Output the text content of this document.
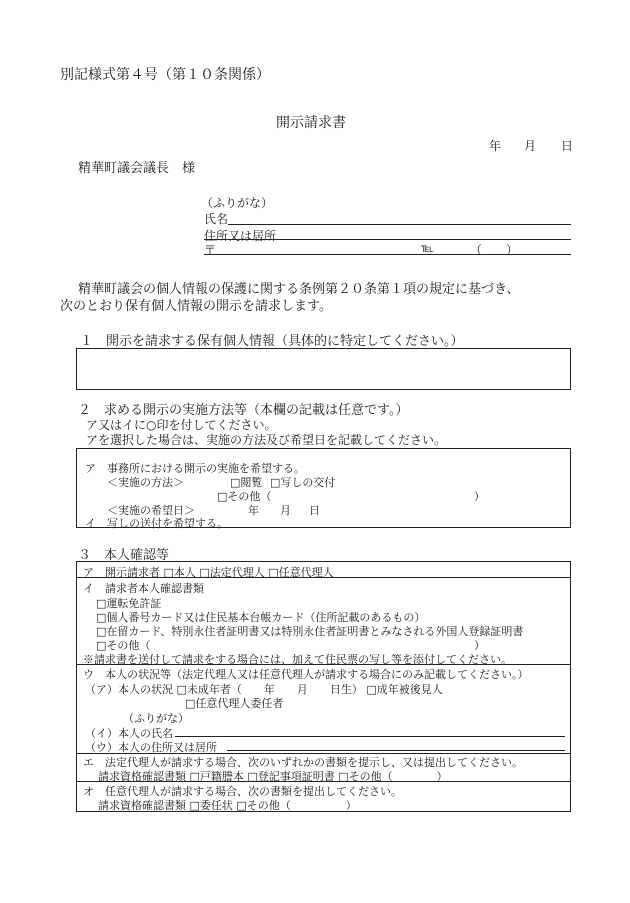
別記様式第４号（第１０条関係）
開示請求書
年 月 日
精華町議会議長　様
（ふりがな）
氏名
住所又は居所
〒	℡	（　　）
精華町議会の個人情報の保護に関する条例第２０条第１項の規定に基づき、
次のとおり保有個人情報の開示を請求します。
１　開示を請求する保有個人情報（具体的に特定してください。）
２　求める開示の実施方法等（本欄の記載は任意です。）
ア又はイに○印を付してください。
アを選択した場合は、実施の方法及び希望日を記載してください。
ア　事務所における開示の実施を希望する。
＜実施の方法＞	□閲覧 □写しの交付
□その他（	）
＜実施の希望日＞	年 月 日
イ　写しの送付を希望する。
３　本人確認等
ア　開示請求者 □本人 □法定代理人 □任意代理人
イ　請求者本人確認書類
□運転免許証
□個人番号カード又は住民基本台帳カード（住所記載のあるもの）
□在留カード、特別永住者証明書又は特別永住者証明書とみなされる外国人登録証明書
□その他（	）
※請求書を送付して請求をする場合には、加えて住民票の写し等を添付してください。
ウ　本人の状況等（法定代理人又は任意代理人が請求する場合にのみ記載してください。）
（ア）本人の状況 □未成年者（　　年　　月　　日生） □成年被後見人
□任意代理人委任者
（ふりがな）
（イ）本人の氏名
（ウ）本人の住所又は居所
エ　法定代理人が請求する場合、次のいずれかの書類を提示し、又は提出してください。
請求資格確認書類 □戸籍謄本 □登記事項証明書 □その他（　　　　）
オ　任意代理人が請求する場合、次の書類を提出してください。
請求資格確認書類 □委任状 □その他（　　　　　）
